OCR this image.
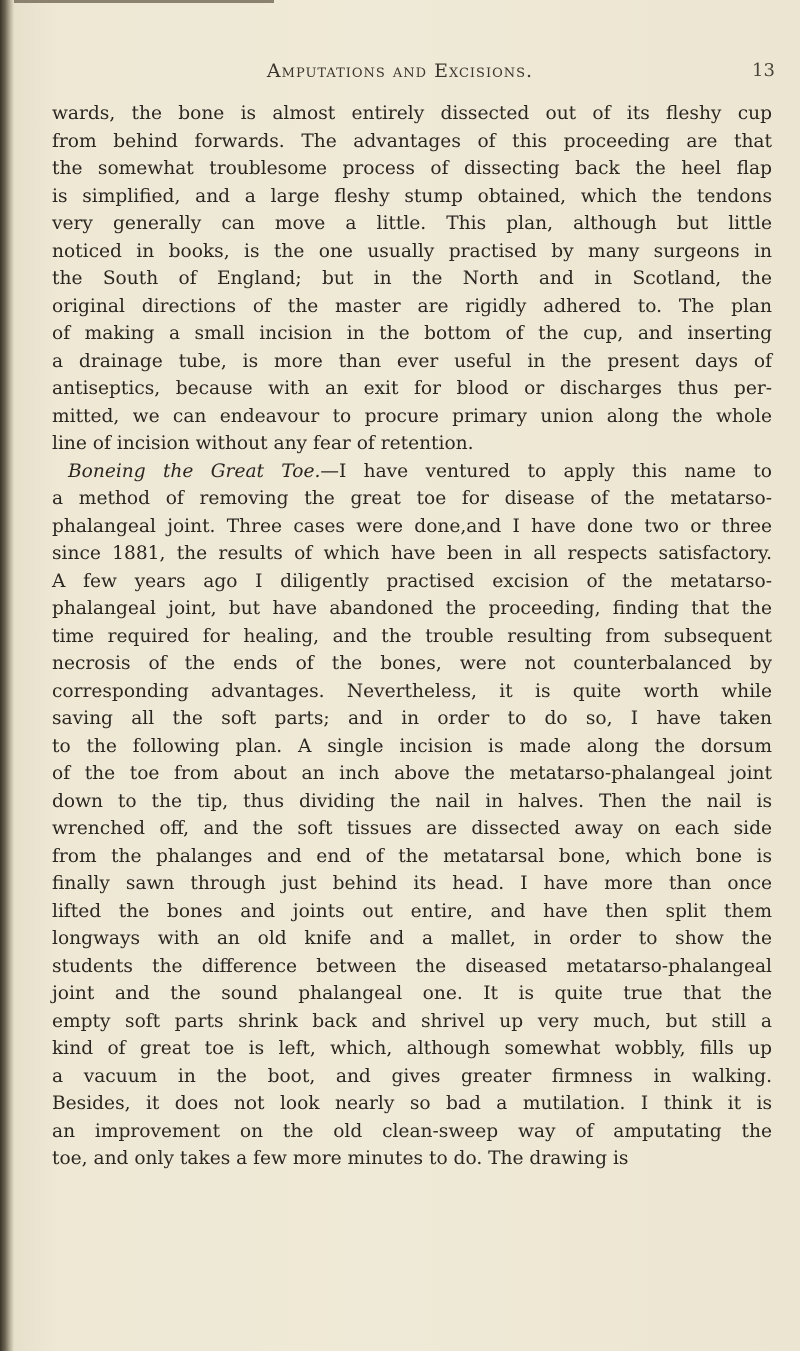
Amputations and Excisions.	13
wards, the bone is almost entirely dissected out of its fleshy cup
from behind forwards. The advantages of this proceeding are that
the somewhat troublesome process of dissecting back the heel flap
is simplified, and a large fleshy stump obtained, which the tendons
very generally can move a little. This plan, although but little
noticed in books, is the one usually practised by many surgeons in
the South of England; but in the North and in Scotland, the
original directions of the master are rigidly adhered to. The plan
of making a small incision in the bottom of the cup, and inserting
a drainage tube, is more than ever useful in the present days of
antiseptics, because with an exit for blood or discharges thus per-
mitted, we can endeavour to procure primary union along the whole
line of incision without any fear of retention.
Boneing the Great Toe.—I have ventured to apply this name to
a method of removing the great toe for disease of the metatarso-
phalangeal joint. Three cases were done,and I have done two or three
since 1881, the results of which have been in all respects satisfactory.
A few years ago I diligently practised excision of the metatarso-
phalangeal joint, but have abandoned the proceeding, finding that the
time required for healing, and the trouble resulting from subsequent
necrosis of the ends of the bones, were not counterbalanced by
corresponding advantages. Nevertheless, it is quite worth while
saving all the soft parts; and in order to do so, I have taken
to the following plan. A single incision is made along the dorsum
of the toe from about an inch above the metatarso-phalangeal joint
down to the tip, thus dividing the nail in halves. Then the nail is
wrenched off, and the soft tissues are dissected away on each side
from the phalanges and end of the metatarsal bone, which bone is
finally sawn through just behind its head. I have more than once
lifted the bones and joints out entire, and have then split them
longways with an old knife and a mallet, in order to show the
students the difference between the diseased metatarso-phalangeal
joint and the sound phalangeal one. It is quite true that the
empty soft parts shrink back and shrivel up very much, but still a
kind of great toe is left, which, although somewhat wobbly, fills up
a vacuum in the boot, and gives greater firmness in walking.
Besides, it does not look nearly so bad a mutilation. I think it is
an improvement on the old clean-sweep way of amputating the
toe, and only takes a few more minutes to do. The drawing is
